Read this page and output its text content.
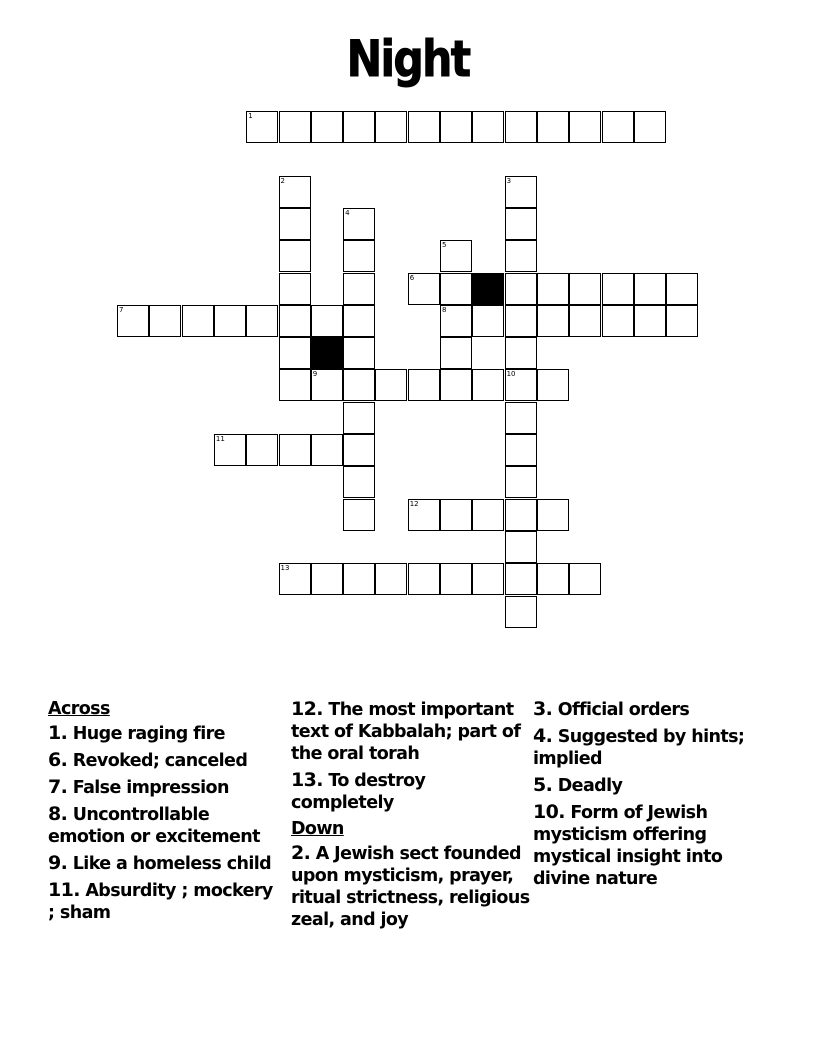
Night
1
2	3
4
5
8
6
7
9	10
11
12
13
Across
1. Huge raging fire
6. Revoked; canceled
7. False impression
8. Uncontrollable emotion or excitement
9. Like a homeless child
11. Absurdity ; mockery ; sham
12. The most important text of Kabbalah; part of the oral torah
13. To destroy completely
Down
2. A Jewish sect founded upon mysticism, prayer, ritual strictness, religious zeal, and joy
3. Official orders
4. Suggested by hints; implied
5. Deadly
10. Form of Jewish mysticism offering mystical insight into divine nature
